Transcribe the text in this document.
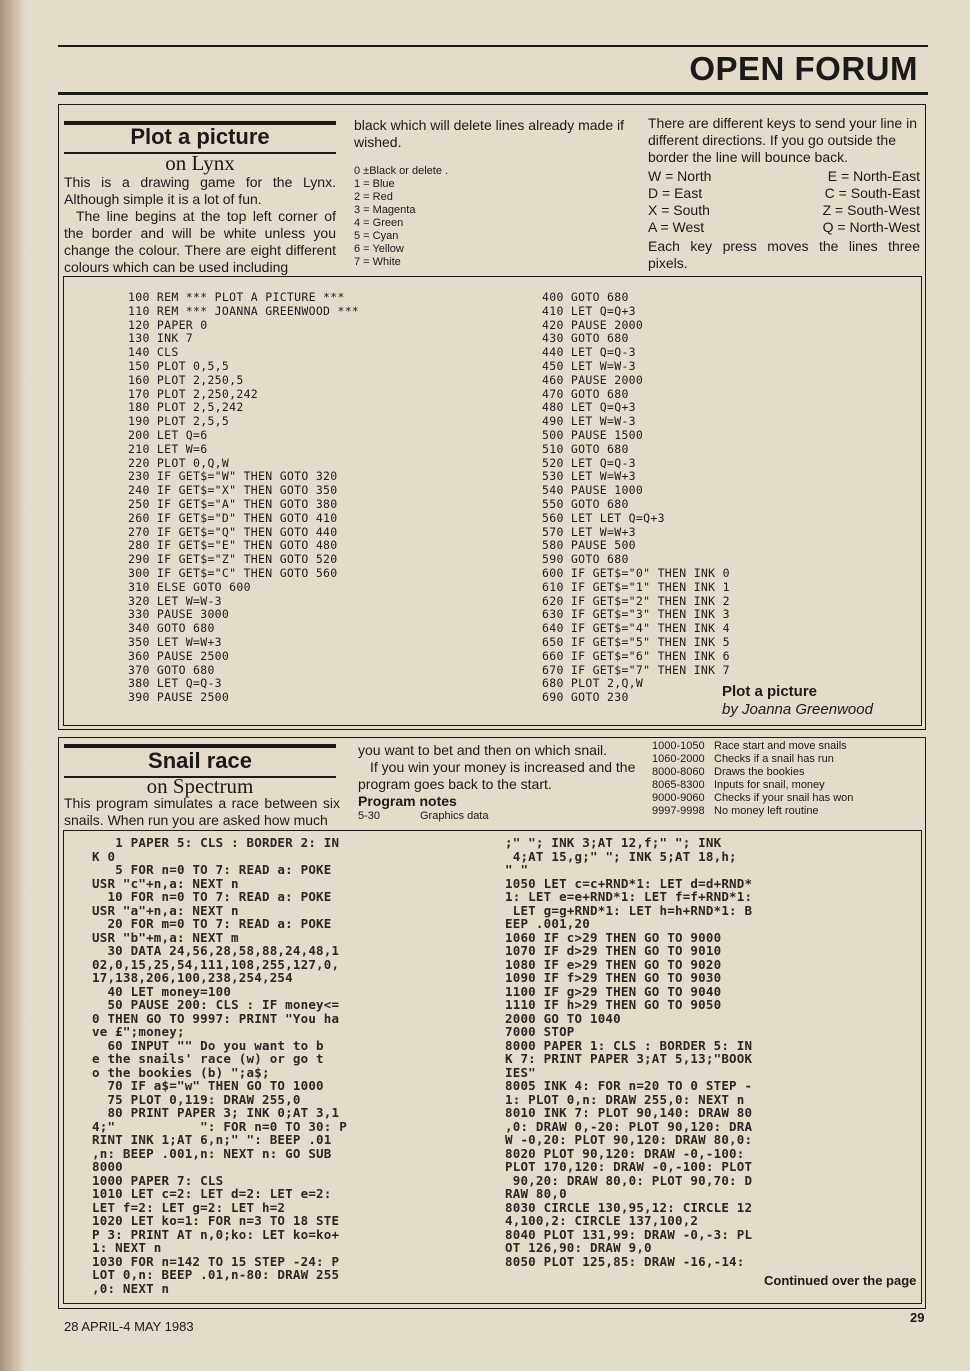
OPEN FORUM
Plot a picture
on Lynx
This is a drawing game for the Lynx. Although simple it is a lot of fun.
The line begins at the top left corner of the border and will be white unless you change the colour. There are eight different colours which can be used including
black which will delete lines already made if wished.
0 ±Black or delete .
1 = Blue
2 = Red
3 = Magenta
4 = Green
5 = Cyan
6 = Yellow
7 = White
There are different keys to send your line in different directions. If you go outside the border the line will bounce back.
W = North	E = North-East
D = East	C = South-East
X = South	Z = South-West
A = West	Q = North-West
Each key press moves the lines three pixels.
100 REM *** PLOT A PICTURE ***
110 REM *** JOANNA GREENWOOD ***
120 PAPER 0
130 INK 7
140 CLS
150 PLOT 0,5,5
160 PLOT 2,250,5
170 PLOT 2,250,242
180 PLOT 2,5,242
190 PLOT 2,5,5
200 LET Q=6
210 LET W=6
220 PLOT 0,Q,W
230 IF GET$="W" THEN GOTO 320
240 IF GET$="X" THEN GOTO 350
250 IF GET$="A" THEN GOTO 380
260 IF GET$="D" THEN GOTO 410
270 IF GET$="Q" THEN GOTO 440
280 IF GET$="E" THEN GOTO 480
290 IF GET$="Z" THEN GOTO 520
300 IF GET$="C" THEN GOTO 560
310 ELSE GOTO 600
320 LET W=W-3
330 PAUSE 3000
340 GOTO 680
350 LET W=W+3
360 PAUSE 2500
370 GOTO 680
380 LET Q=Q-3
390 PAUSE 2500
400 GOTO 680
410 LET Q=Q+3
420 PAUSE 2000
430 GOTO 680
440 LET Q=Q-3
450 LET W=W-3
460 PAUSE 2000
470 GOTO 680
480 LET Q=Q+3
490 LET W=W-3
500 PAUSE 1500
510 GOTO 680
520 LET Q=Q-3
530 LET W=W+3
540 PAUSE 1000
550 GOTO 680
560 LET LET Q=Q+3
570 LET W=W+3
580 PAUSE 500
590 GOTO 680
600 IF GET$="0" THEN INK 0
610 IF GET$="1" THEN INK 1
620 IF GET$="2" THEN INK 2
630 IF GET$="3" THEN INK 3
640 IF GET$="4" THEN INK 4
650 IF GET$="5" THEN INK 5
660 IF GET$="6" THEN INK 6
670 IF GET$="7" THEN INK 7
680 PLOT 2,Q,W
690 GOTO 230	Plot a picture
by Joanna Greenwood
Snail race
on Spectrum
This program simulates a race between six snails. When run you are asked how much
you want to bet and then on which snail.
If you win your money is increased and the program goes back to the start.
Program notes
5-30	Graphics data
1000-1050 Race start and move snails
1060-2000 Checks if a snail has run
8000-8060 Draws the bookies
8065-8300 Inputs for snail, money
9000-9060 Checks if your snail has won
9997-9998 No money left routine
1 PAPER 5: CLS : BORDER 2: IN
K 0
5 FOR n=0 TO 7: READ a: POKE
USR "c"+n,a: NEXT n
10 FOR n=0 TO 7: READ a: POKE
USR "a"+n,a: NEXT n
20 FOR m=0 TO 7: READ a: POKE
USR "b"+m,a: NEXT m
30 DATA 24,56,28,58,88,24,48,1
02,0,15,25,54,111,108,255,127,0,
17,138,206,100,238,254,254
40 LET money=100
50 PAUSE 200: CLS : IF money<=
0 THEN GO TO 9997: PRINT "You ha
ve £";money;
60 INPUT "" Do you want to b
e the snails' race (w) or go t
o the bookies (b) ";a$;
70 IF a$="w" THEN GO TO 1000
75 PLOT 0,119: DRAW 255,0
80 PRINT PAPER 3; INK 0;AT 3,1
4;"           ": FOR n=0 TO 30: P
RINT INK 1;AT 6,n;" ": BEEP .01
,n: BEEP .001,n: NEXT n: GO SUB
8000
1000 PAPER 7: CLS
1010 LET c=2: LET d=2: LET e=2:
LET f=2: LET g=2: LET h=2
1020 LET ko=1: FOR n=3 TO 18 STE
P 3: PRINT AT n,0;ko: LET ko=ko+
1: NEXT n
1030 FOR n=142 TO 15 STEP -24: P
LOT 0,n: BEEP .01,n-80: DRAW 255
,0: NEXT n

;" "; INK 3;AT 12,f;" "; INK
4;AT 15,g;" "; INK 5;AT 18,h;
" "
1050 LET c=c+RND*1: LET d=d+RND*
1: LET e=e+RND*1: LET f=f+RND*1:
LET g=g+RND*1: LET h=h+RND*1: B
EEP .001,20
1060 IF c>29 THEN GO TO 9000
1070 IF d>29 THEN GO TO 9010
1080 IF e>29 THEN GO TO 9020
1090 IF f>29 THEN GO TO 9030
1100 IF g>29 THEN GO TO 9040
1110 IF h>29 THEN GO TO 9050
2000 GO TO 1040
7000 STOP
8000 PAPER 1: CLS : BORDER 5: IN
K 7: PRINT PAPER 3;AT 5,13;"BOOK
IES"
8005 INK 4: FOR n=20 TO 0 STEP -
1: PLOT 0,n: DRAW 255,0: NEXT n
8010 INK 7: PLOT 90,140: DRAW 80
,0: DRAW 0,-20: PLOT 90,120: DRA
W -0,20: PLOT 90,120: DRAW 80,0:
8020 PLOT 90,120: DRAW -0,-100:
PLOT 170,120: DRAW -0,-100: PLOT
90,20: DRAW 80,0: PLOT 90,70: D
RAW 80,0
8030 CIRCLE 130,95,12: CIRCLE 12
4,100,2: CIRCLE 137,100,2
8040 PLOT 131,99: DRAW -0,-3: PL
OT 126,90: DRAW 9,0
8050 PLOT 125,85: DRAW -16,-14:

Continued over the page
28 APRIL-4 MAY 1983
29
